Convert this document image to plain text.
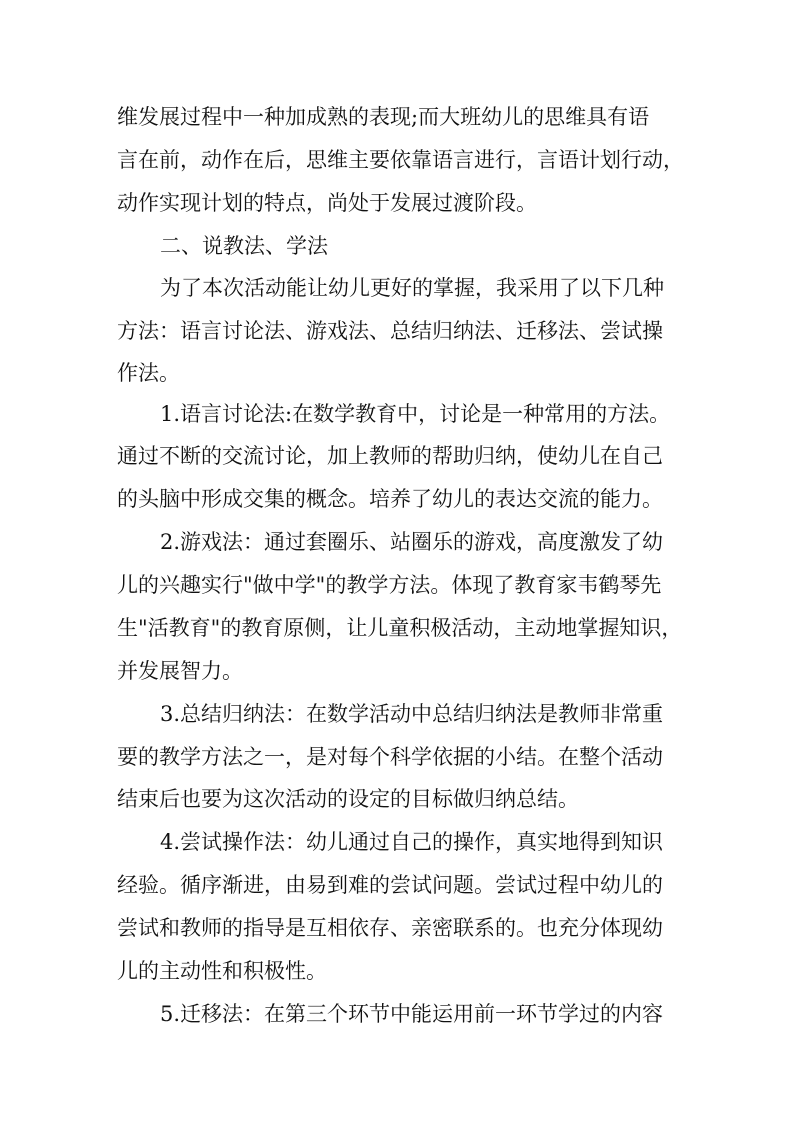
维发展过程中一种加成熟的表现;而大班幼儿的思维具有语
言在前，动作在后，思维主要依靠语言进行，言语计划行动，
动作实现计划的特点，尚处于发展过渡阶段。
二、说教法、学法
为了本次活动能让幼儿更好的掌握，我采用了以下几种
方法：语言讨论法、游戏法、总结归纳法、迁移法、尝试操
作法。
1.语言讨论法:在数学教育中，讨论是一种常用的方法。
通过不断的交流讨论，加上教师的帮助归纳，使幼儿在自己
的头脑中形成交集的概念。培养了幼儿的表达交流的能力。
2.游戏法：通过套圈乐、站圈乐的游戏，高度激发了幼
儿的兴趣实行"做中学"的教学方法。体现了教育家韦鹤琴先
生"活教育"的教育原侧，让儿童积极活动，主动地掌握知识，
并发展智力。
3.总结归纳法：在数学活动中总结归纳法是教师非常重
要的教学方法之一，是对每个科学依据的小结。在整个活动
结束后也要为这次活动的设定的目标做归纳总结。
4.尝试操作法：幼儿通过自己的操作，真实地得到知识
经验。循序渐进，由易到难的尝试问题。尝试过程中幼儿的
尝试和教师的指导是互相依存、亲密联系的。也充分体现幼
儿的主动性和积极性。
5.迁移法：在第三个环节中能运用前一环节学过的内容
